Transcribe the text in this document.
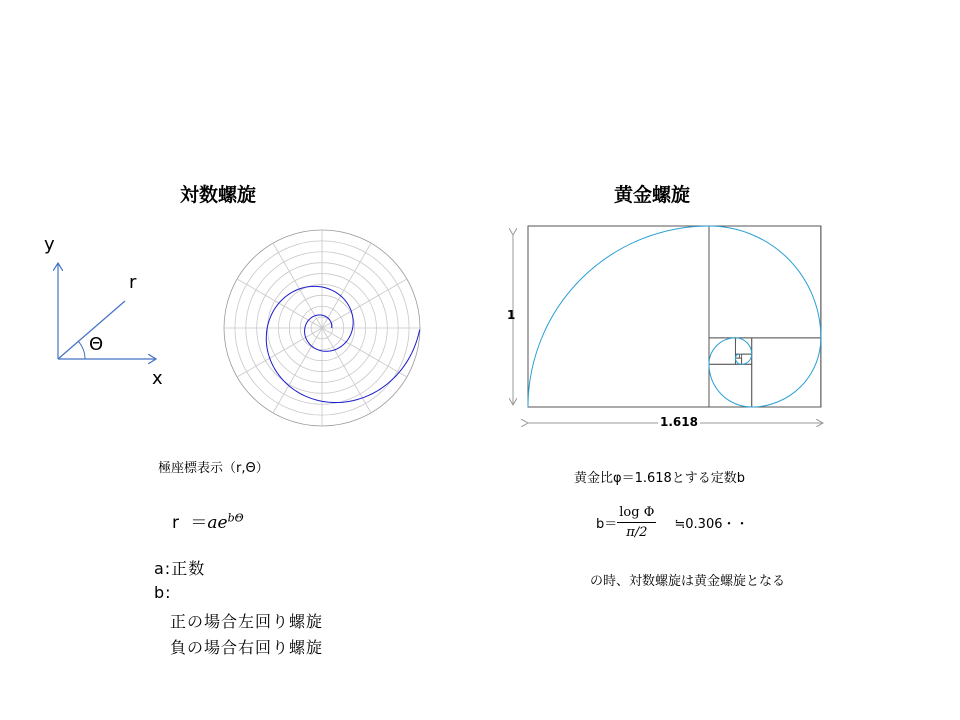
対数螺旋
y
r
Θ
x
極座標表示（r,Θ）
$r =ae^{b\Theta}$
a:正数
b:
正の場合左回り螺旋
負の場合右回り螺旋
黄金螺旋
1
1.618
黄金比φ＝1.618とする定数b
$b= \frac{\text{log Φ}}{\pi/2}$ ≒0.306・・
の時、対数螺旋は黄金螺旋となる
